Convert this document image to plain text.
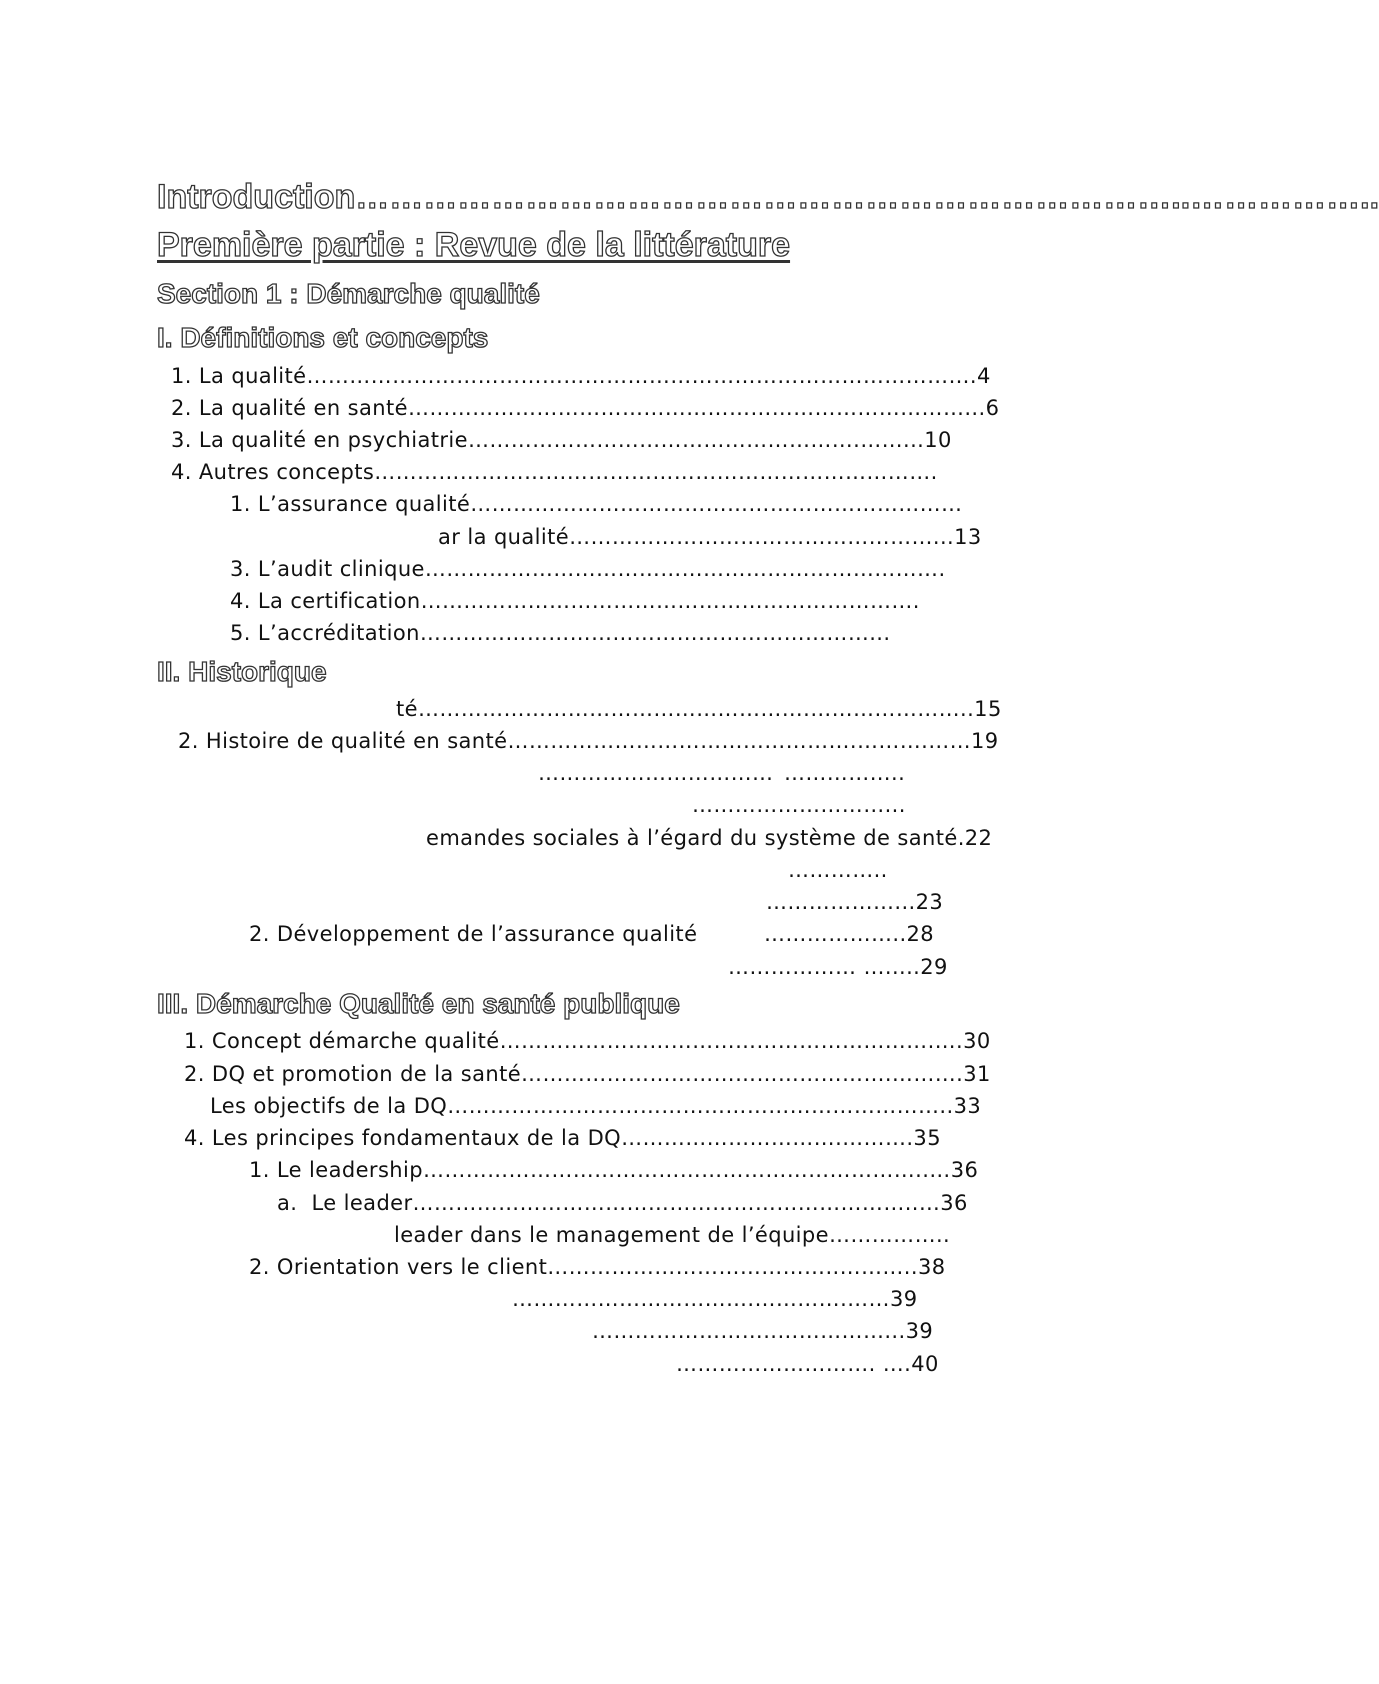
Introduction………………………………………………………………..……………..
Première partie : Revue de la littérature
Section 1 : Démarche qualité
I. Définitions et concepts
1. La qualité………………………………………………………………………………….4
2. La qualité en santé……………………………………………………………………...6
3. La qualité en psychiatrie……………………………………………….……...10
4. Autres concepts…………………………………………………………………….
1. L’assurance qualité……………………………………………………………
ar la qualité……………………………………………...13
3. L’audit clinique……………………………………………………………….
4. La certification…………………………………………………………….
5. L’accréditation………………………………………………………...
II. Historique
té……………………………………………….…………………..15
2. Histoire de qualité en santé………………………………………….……….……19
…………………………… ……………..
………………………...
emandes sociales à l’égard du système de santé.22
…………..
………………...23
2. Développement de l’assurance qualité	………………..28
……………… ….....29
III. Démarche Qualité en santé publique
1. Concept démarche qualité…………………………………………………….….30
2. DQ et promotion de la santé…………………………………………….……….31
Les objectifs de la DQ……………………………………………………………..33
4. Les principes fondamentaux de la DQ………………………….……….35
1. Le leadership……………………………………………………………..…36
a.  Le leader……………………………………………………………..…36
leader dans le management de l’équipe……………..
2. Orientation vers le client…………………………………..………..38
…………………………….………….……39
……………………..……………...39
………………………. ….40
